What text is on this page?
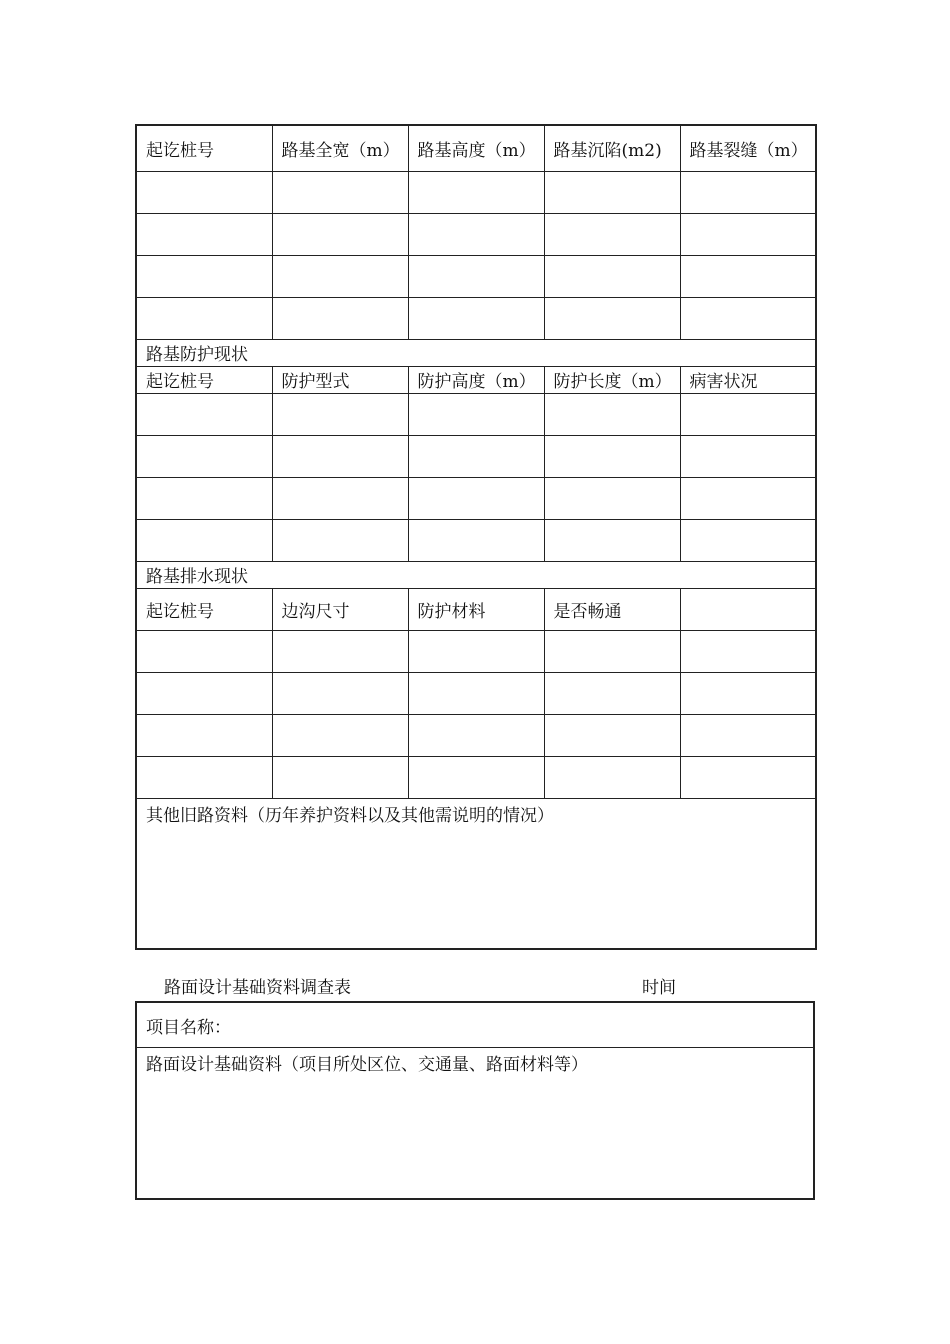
起讫桩号	路基全宽（m）	路基高度（m）	路基沉陷(m2)	路基裂缝（m）

路基防护现状				
起讫桩号	防护型式	防护高度（m）	防护长度（m）	病害状况

路基排水现状				
起讫桩号	边沟尺寸	防护材料	是否畅通	

其他旧路资料（历年养护资料以及其他需说明的情况）				
路面设计基础资料调查表	时间
项目名称：
路面设计基础资料（项目所处区位、交通量、路面材料等）
